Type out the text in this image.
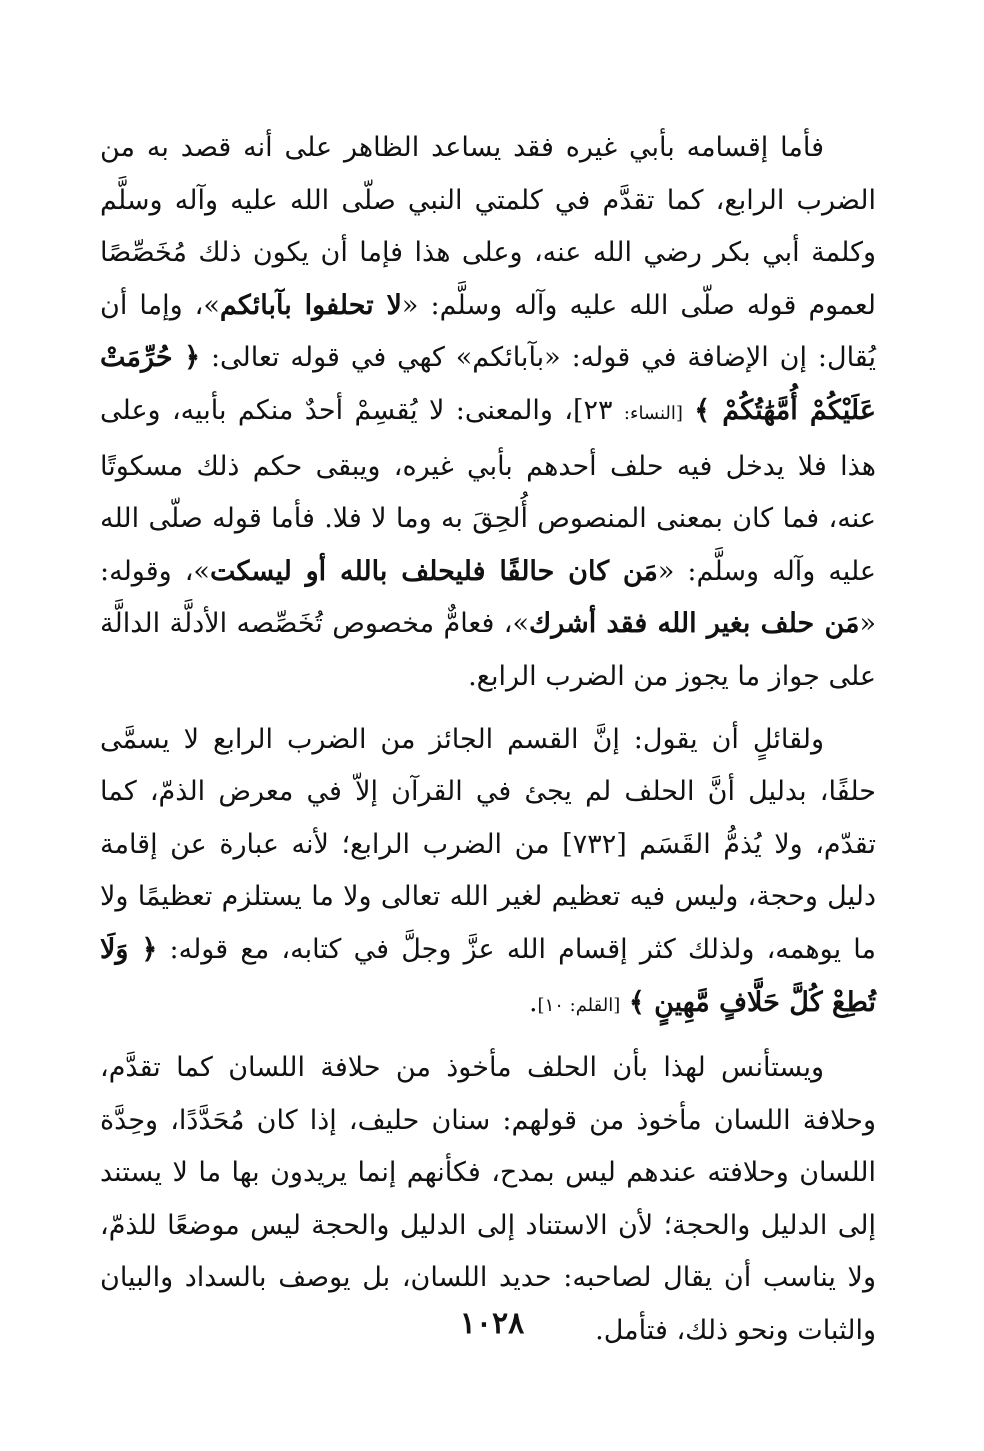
فأما إقسامه بأبي غيره فقد يساعد الظاهر على أنه قصد به من الضرب الرابع، كما تقدَّم في كلمتي النبي صلّى الله عليه وآله وسلَّم وكلمة أبي بكر رضي الله عنه، وعلى هذا فإما أن يكون ذلك مُخَصِّصًا لعموم قوله صلّى الله عليه وآله وسلَّم: «لا تحلفوا بآبائكم»، وإما أن يُقال: إن الإضافة في قوله: «بآبائكم» كهي في قوله تعالى: ﴿ حُرِّمَتْ عَلَيْكُمْ أُمَّهَٰتُكُمْ ﴾ [النساء: ٢٣]، والمعنى: لا يُقسِمْ أحدٌ منكم بأبيه، وعلى هذا فلا يدخل فيه حلف أحدهم بأبي غيره، ويبقى حكم ذلك مسكوتًا عنه، فما كان بمعنى المنصوص أُلحِقَ به وما لا فلا. فأما قوله صلّى الله عليه وآله وسلَّم: «مَن كان حالفًا فليحلف بالله أو ليسكت»، وقوله: «مَن حلف بغير الله فقد أشرك»، فعامٌّ مخصوص تُخَصِّصه الأدلَّة الدالَّة على جواز ما يجوز من الضرب الرابع.

ولقائلٍ أن يقول: إنَّ القسم الجائز من الضرب الرابع لا يسمَّى حلفًا، بدليل أنَّ الحلف لم يجئ في القرآن إلاّ في معرض الذمّ، كما تقدّم، ولا يُذمُّ القَسَم [٧٣٢] من الضرب الرابع؛ لأنه عبارة عن إقامة دليل وحجة، وليس فيه تعظيم لغير الله تعالى ولا ما يستلزم تعظيمًا ولا ما يوهمه، ولذلك كثر إقسام الله عزَّ وجلَّ في كتابه، مع قوله: ﴿ وَلَا تُطِعْ كُلَّ حَلَّافٍ مَّهِينٍ ﴾ [القلم: ١٠].

ويستأنس لهذا بأن الحلف مأخوذ من حلافة اللسان كما تقدَّم، وحلافة اللسان مأخوذ من قولهم: سنان حليف، إذا كان مُحَدَّدًا، وحِدَّة اللسان وحلافته عندهم ليس بمدح، فكأنهم إنما يريدون بها ما لا يستند إلى الدليل والحجة؛ لأن الاستناد إلى الدليل والحجة ليس موضعًا للذمّ، ولا يناسب أن يقال لصاحبه: حديد اللسان، بل يوصف بالسداد والبيان والثبات ونحو ذلك، فتأمل.

١٠٢٨
